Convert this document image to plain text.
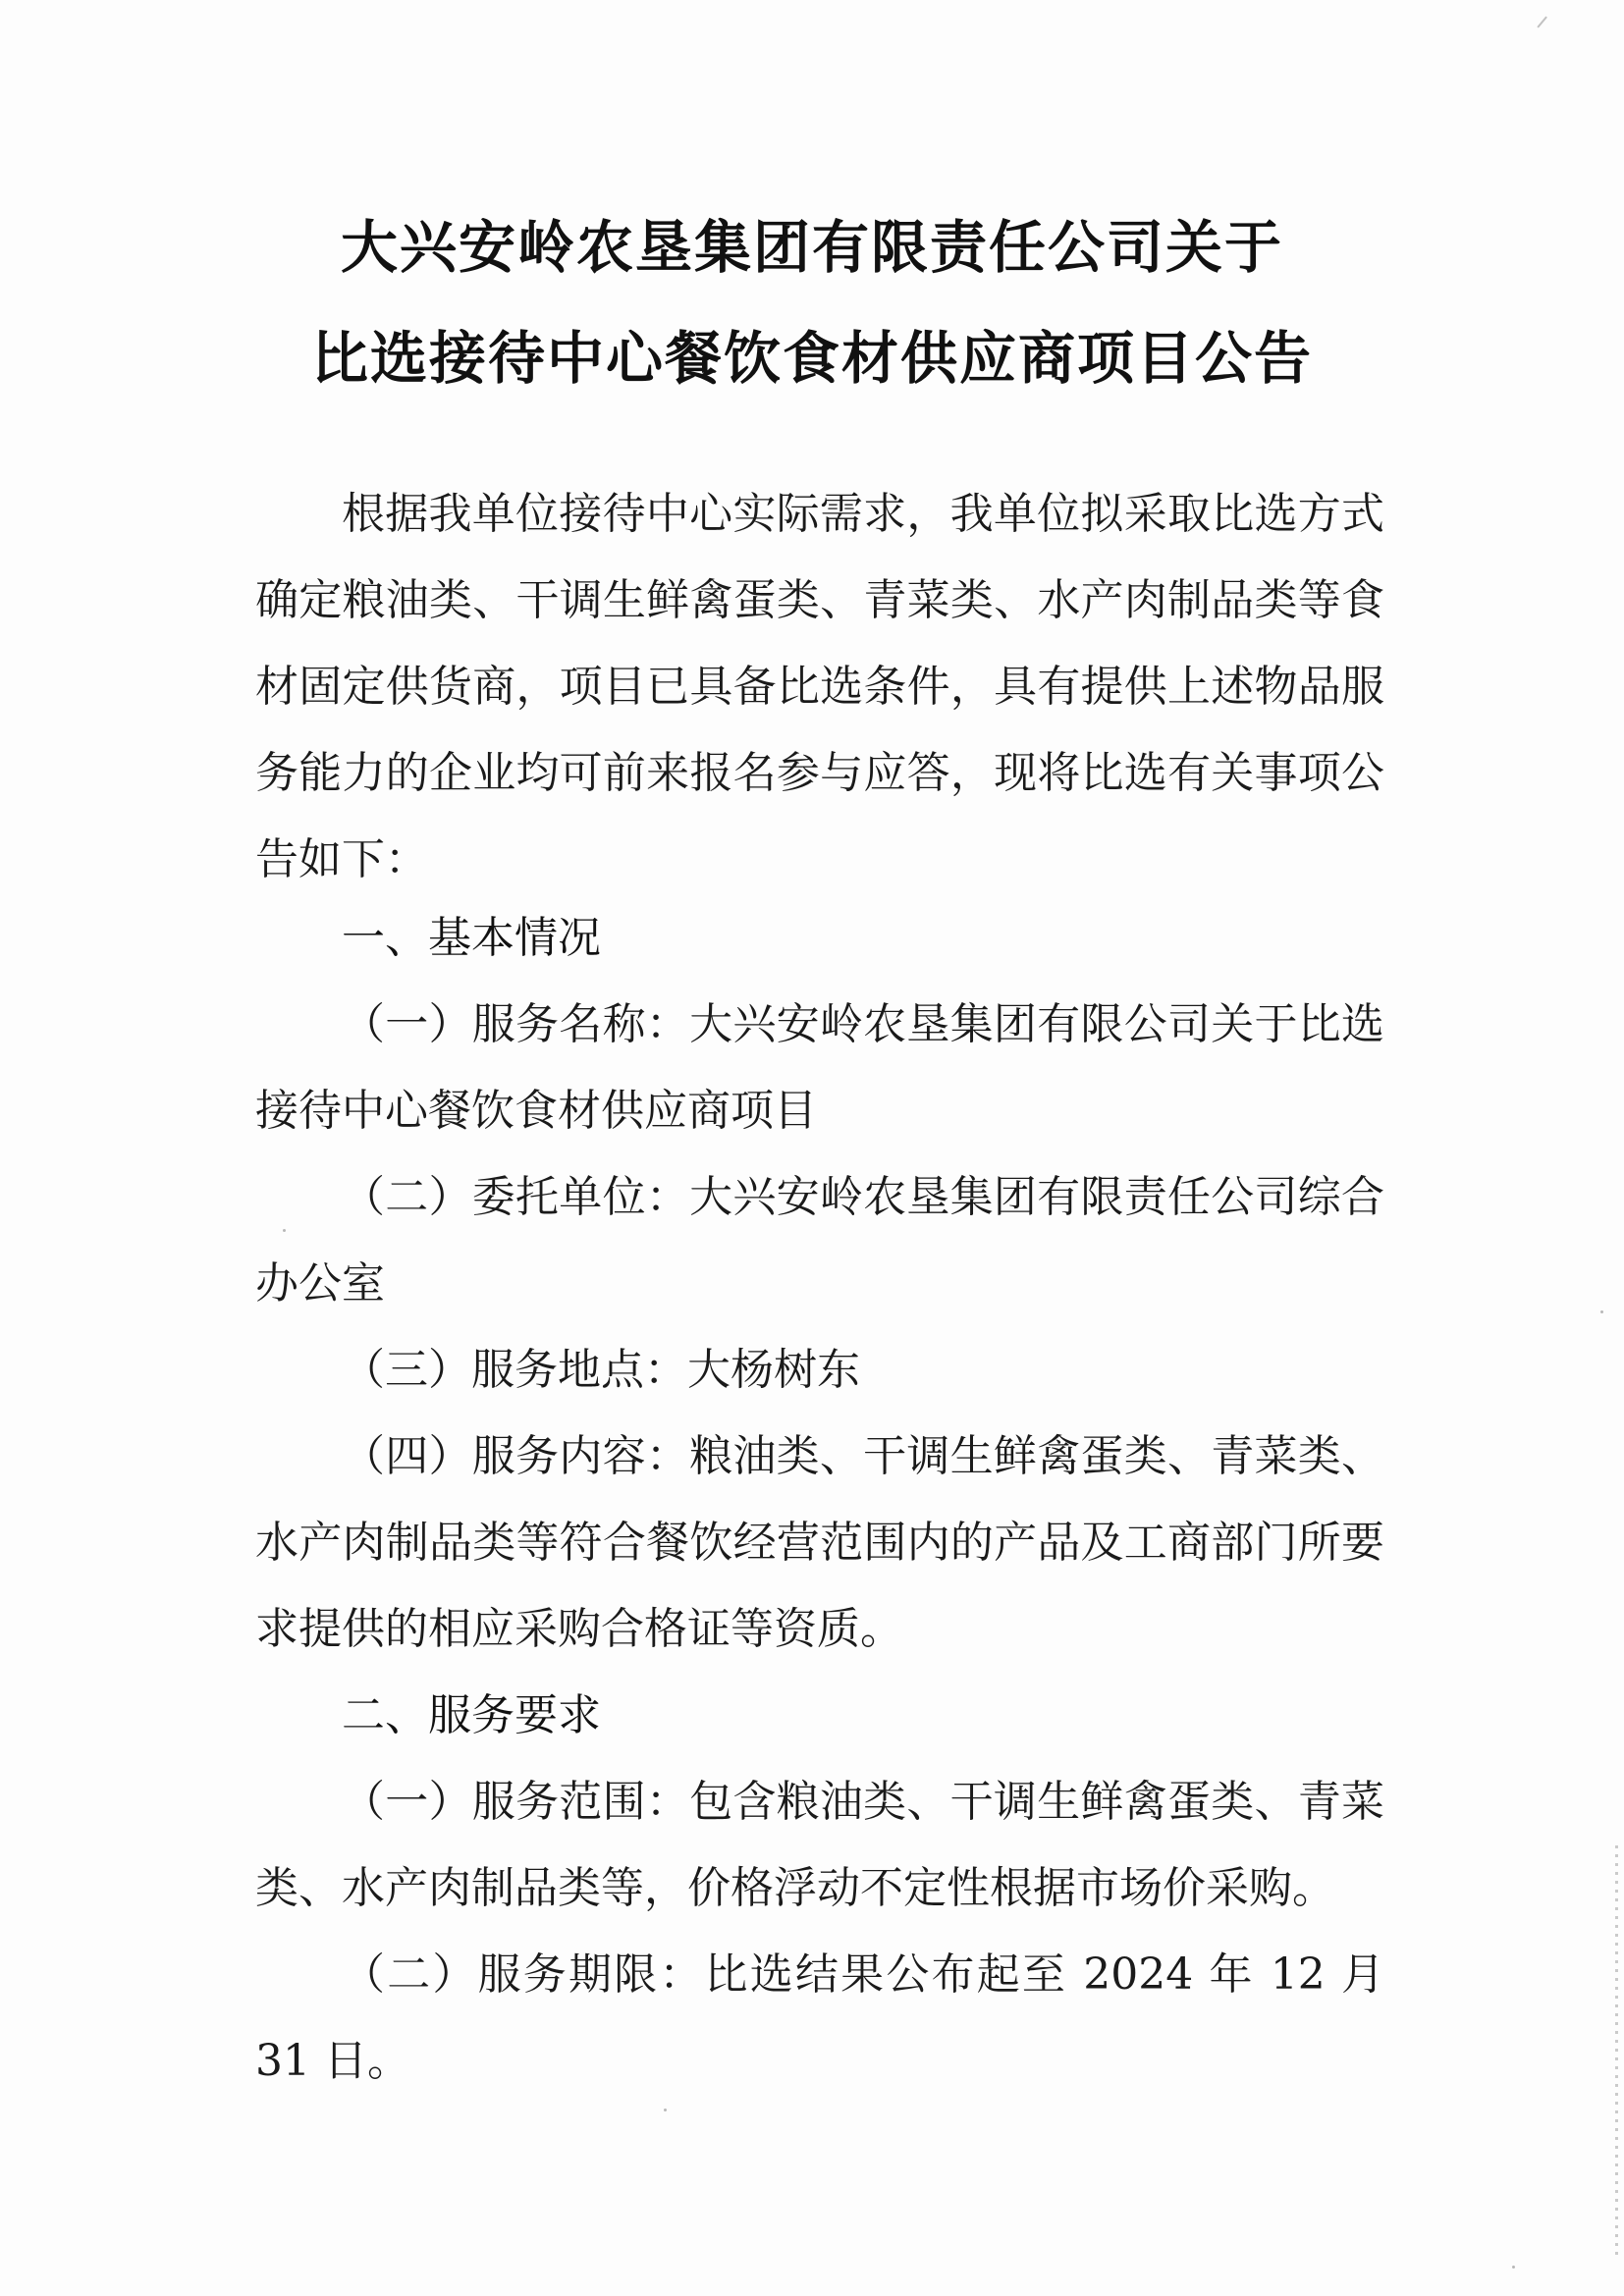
大兴安岭农垦集团有限责任公司关于
比选接待中心餐饮食材供应商项目公告

根据我单位接待中心实际需求，我单位拟采取比选方式确定粮油类、干调生鲜禽蛋类、青菜类、水产肉制品类等食材固定供货商，项目已具备比选条件，具有提供上述物品服务能力的企业均可前来报名参与应答，现将比选有关事项公告如下：

一、基本情况

（一）服务名称：大兴安岭农垦集团有限公司关于比选接待中心餐饮食材供应商项目

（二）委托单位：大兴安岭农垦集团有限责任公司综合办公室

（三）服务地点：大杨树东

（四）服务内容：粮油类、干调生鲜禽蛋类、青菜类、水产肉制品类等符合餐饮经营范围内的产品及工商部门所要求提供的相应采购合格证等资质。

二、服务要求

（一）服务范围：包含粮油类、干调生鲜禽蛋类、青菜类、水产肉制品类等，价格浮动不定性根据市场价采购。

（二）服务期限：比选结果公布起至 2024 年 12 月 31 日。
